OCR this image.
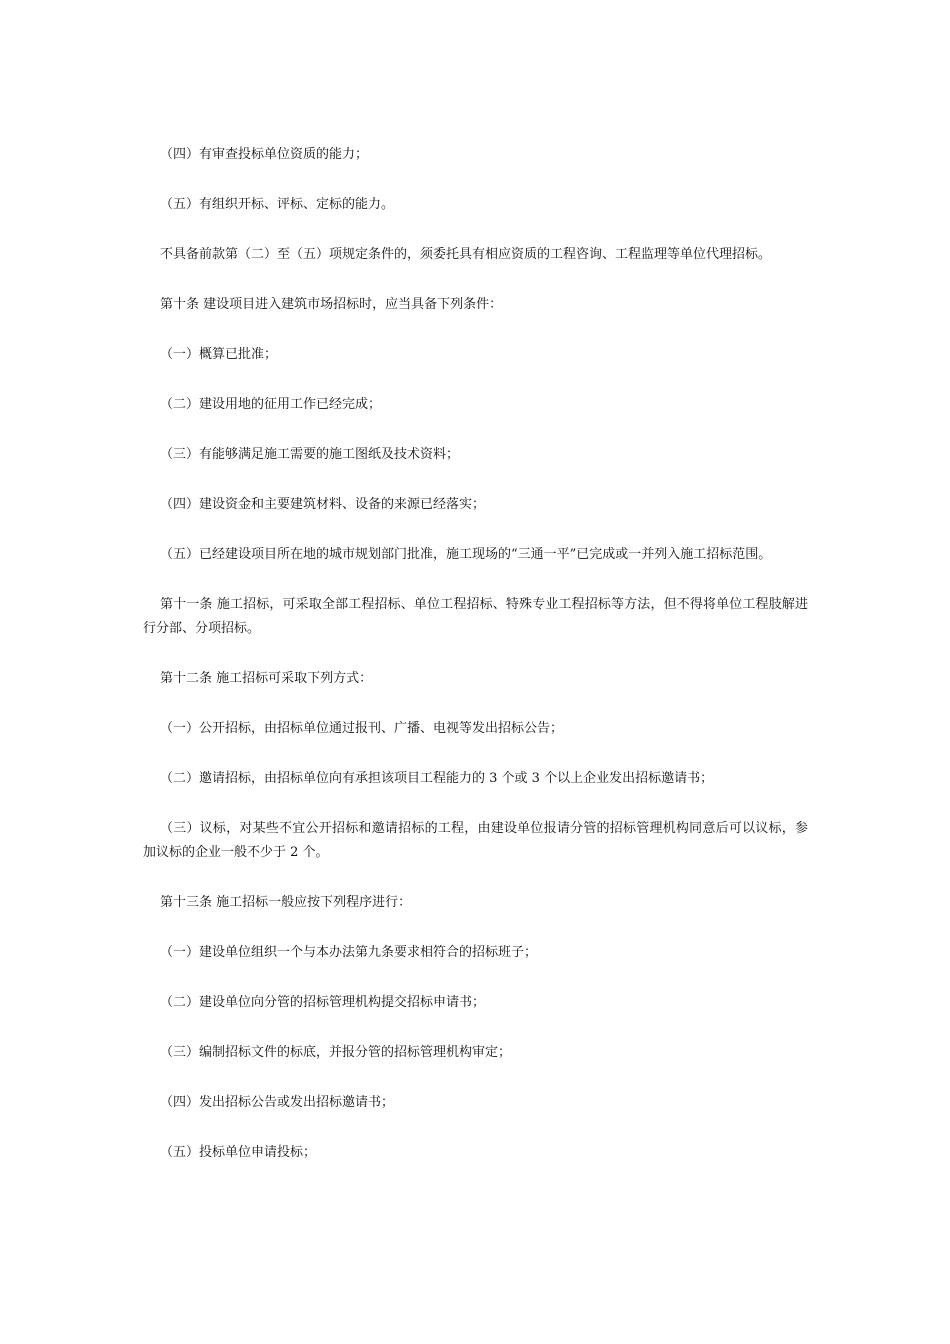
（四）有审查投标单位资质的能力；

（五）有组织开标、评标、定标的能力。

不具备前款第（二）至（五）项规定条件的，须委托具有相应资质的工程咨询、工程监理等单位代理招标。

第十条 建设项目进入建筑市场招标时，应当具备下列条件：

（一）概算已批准；

（二）建设用地的征用工作已经完成；

（三）有能够满足施工需要的施工图纸及技术资料；

（四）建设资金和主要建筑材料、设备的来源已经落实；

（五）已经建设项目所在地的城市规划部门批准，施工现场的“三通一平”已完成或一并列入施工招标范围。

第十一条 施工招标，可采取全部工程招标、单位工程招标、特殊专业工程招标等方法，但不得将单位工程肢解进行分部、分项招标。

第十二条 施工招标可采取下列方式：

（一）公开招标，由招标单位通过报刊、广播、电视等发出招标公告；

（二）邀请招标，由招标单位向有承担该项目工程能力的 3 个或 3 个以上企业发出招标邀请书；

（三）议标，对某些不宜公开招标和邀请招标的工程，由建设单位报请分管的招标管理机构同意后可以议标，参加议标的企业一般不少于 2 个。

第十三条 施工招标一般应按下列程序进行：

（一）建设单位组织一个与本办法第九条要求相符合的招标班子；

（二）建设单位向分管的招标管理机构提交招标申请书；

（三）编制招标文件的标底，并报分管的招标管理机构审定；

（四）发出招标公告或发出招标邀请书；

（五）投标单位申请投标；
